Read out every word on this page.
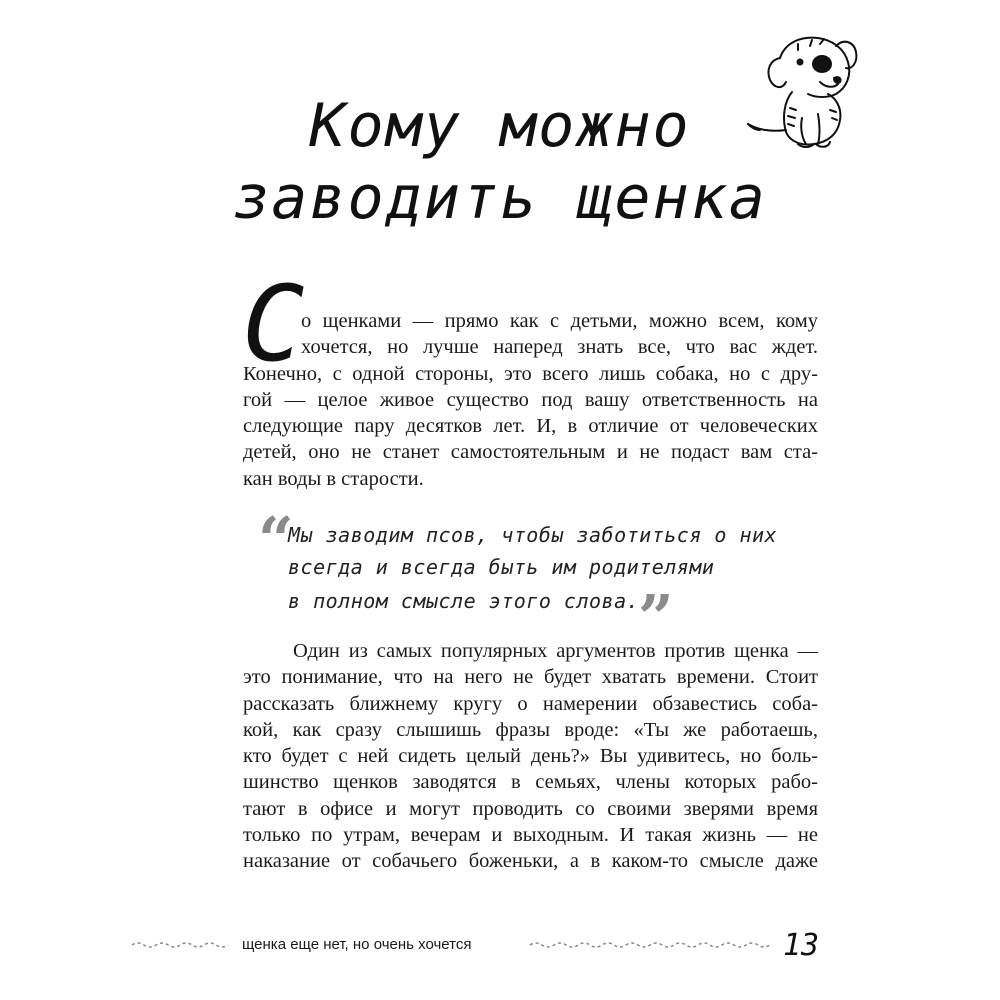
Кому можно
заводить щенка
С
о щенками — прямо как с детьми, можно всем, кому
хочется, но лучше наперед знать все, что вас ждет.
Конечно, с одной стороны, это всего лишь собака, но с дру-
гой — целое живое существо под вашу ответственность на
следующие пару десятков лет. И, в отличие от человеческих
детей, оно не станет самостоятельным и не подаст вам ста-
кан воды в старости.
“
Мы заводим псов, чтобы заботиться о них
всегда и всегда быть им родителями
в полном смысле этого слова.
”
Один из самых популярных аргументов против щенка —
это понимание, что на него не будет хватать времени. Стоит
рассказать ближнему кругу о намерении обзавестись соба-
кой, как сразу слышишь фразы вроде: «Ты же работаешь,
кто будет с ней сидеть целый день?» Вы удивитесь, но боль-
шинство щенков заводятся в семьях, члены которых рабо-
тают в офисе и могут проводить со своими зверями время
только по утрам, вечерам и выходным. И такая жизнь — не
наказание от собачьего боженьки, а в каком-то смысле даже
щенка еще нет, но очень хочется	13
